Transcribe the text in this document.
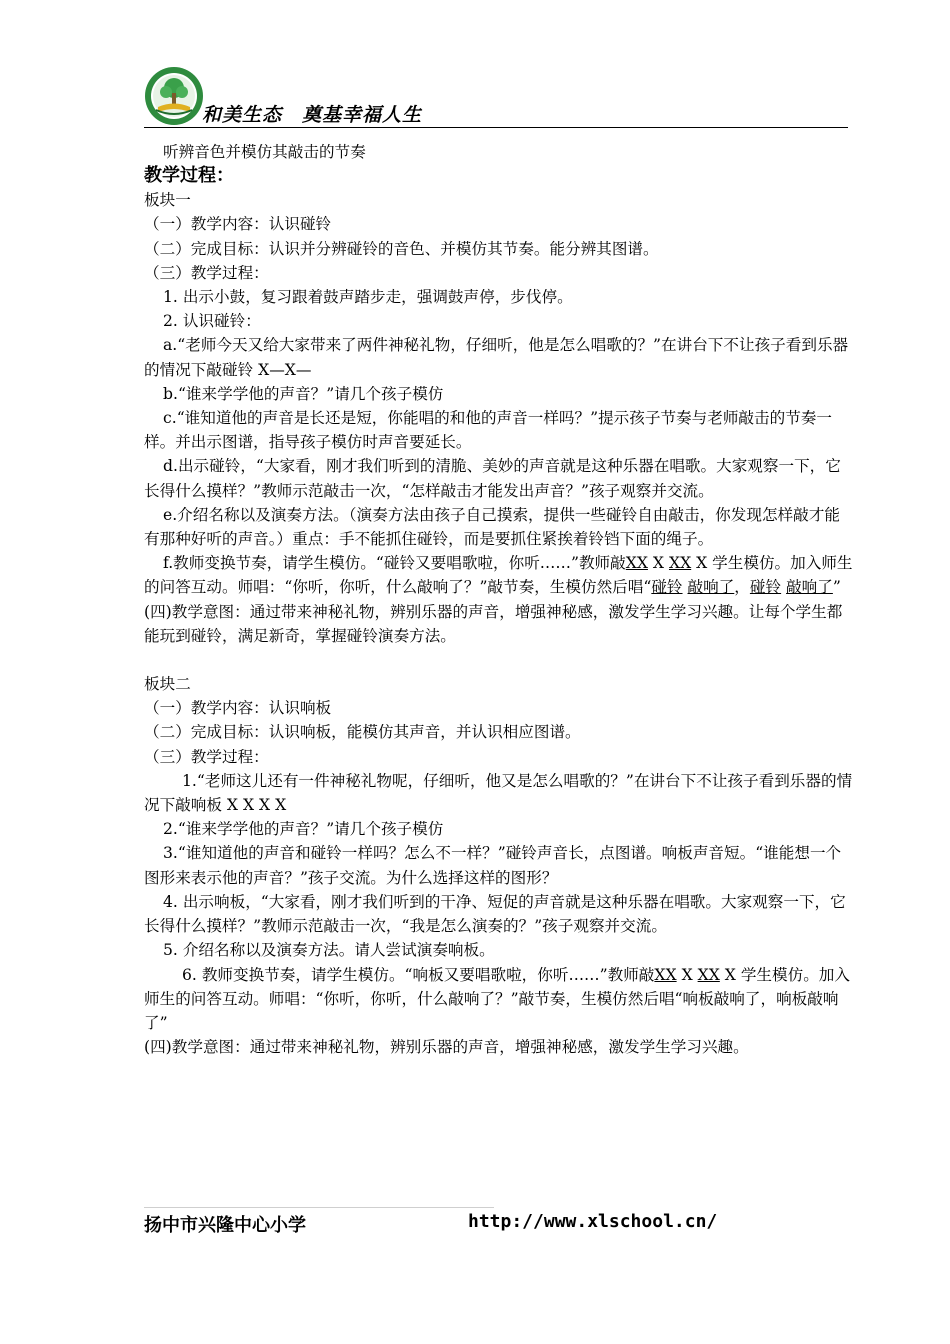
和美生态　奠基幸福人生

听辨音色并模仿其敲击的节奏

教学过程：

板块一

（一）教学内容：认识碰铃

（二）完成目标：认识并分辨碰铃的音色、并模仿其节奏。能分辨其图谱。

（三）教学过程：

1. 出示小鼓，复习跟着鼓声踏步走，强调鼓声停，步伐停。

2. 认识碰铃：

a.“老师今天又给大家带来了两件神秘礼物，仔细听，他是怎么唱歌的？”在讲台下不让孩子看到乐器的情况下敲碰铃 X—X—

b.“谁来学学他的声音？”请几个孩子模仿

c.“谁知道他的声音是长还是短，你能唱的和他的声音一样吗？”提示孩子节奏与老师敲击的节奏一样。并出示图谱，指导孩子模仿时声音要延长。

d.出示碰铃，“大家看，刚才我们听到的清脆、美妙的声音就是这种乐器在唱歌。大家观察一下，它长得什么摸样？”教师示范敲击一次，“怎样敲击才能发出声音？”孩子观察并交流。

e.介绍名称以及演奏方法。（演奏方法由孩子自己摸索，提供一些碰铃自由敲击，你发现怎样敲才能有那种好听的声音。）重点：手不能抓住碰铃，而是要抓住紧挨着铃铛下面的绳子。

f.教师变换节奏，请学生模仿。“碰铃又要唱歌啦，你听……”教师敲XX X XX X 学生模仿。加入师生的问答互动。师唱：“你听，你听，什么敲响了？”敲节奏，生模仿然后唱“碰铃 敲响了，碰铃 敲响了”

(四)教学意图：通过带来神秘礼物，辨别乐器的声音，增强神秘感，激发学生学习兴趣。让每个学生都能玩到碰铃，满足新奇，掌握碰铃演奏方法。

板块二

（一）教学内容：认识响板

（二）完成目标：认识响板，能模仿其声音，并认识相应图谱。

（三）教学过程：

1.“老师这儿还有一件神秘礼物呢，仔细听，他又是怎么唱歌的？”在讲台下不让孩子看到乐器的情况下敲响板 X X X X

2.“谁来学学他的声音？”请几个孩子模仿

3.“谁知道他的声音和碰铃一样吗？怎么不一样？”碰铃声音长，点图谱。响板声音短。“谁能想一个图形来表示他的声音？”孩子交流。为什么选择这样的图形？

4. 出示响板，“大家看，刚才我们听到的干净、短促的声音就是这种乐器在唱歌。大家观察一下，它长得什么摸样？”教师示范敲击一次，“我是怎么演奏的？”孩子观察并交流。

5. 介绍名称以及演奏方法。请人尝试演奏响板。

6. 教师变换节奏，请学生模仿。“响板又要唱歌啦，你听……”教师敲XX X XX X 学生模仿。加入师生的问答互动。师唱：“你听，你听，什么敲响了？”敲节奏，生模仿然后唱“响板敲响了，响板敲响了”

(四)教学意图：通过带来神秘礼物，辨别乐器的声音，增强神秘感，激发学生学习兴趣。

扬中市兴隆中心小学	http://www.xlschool.cn/
